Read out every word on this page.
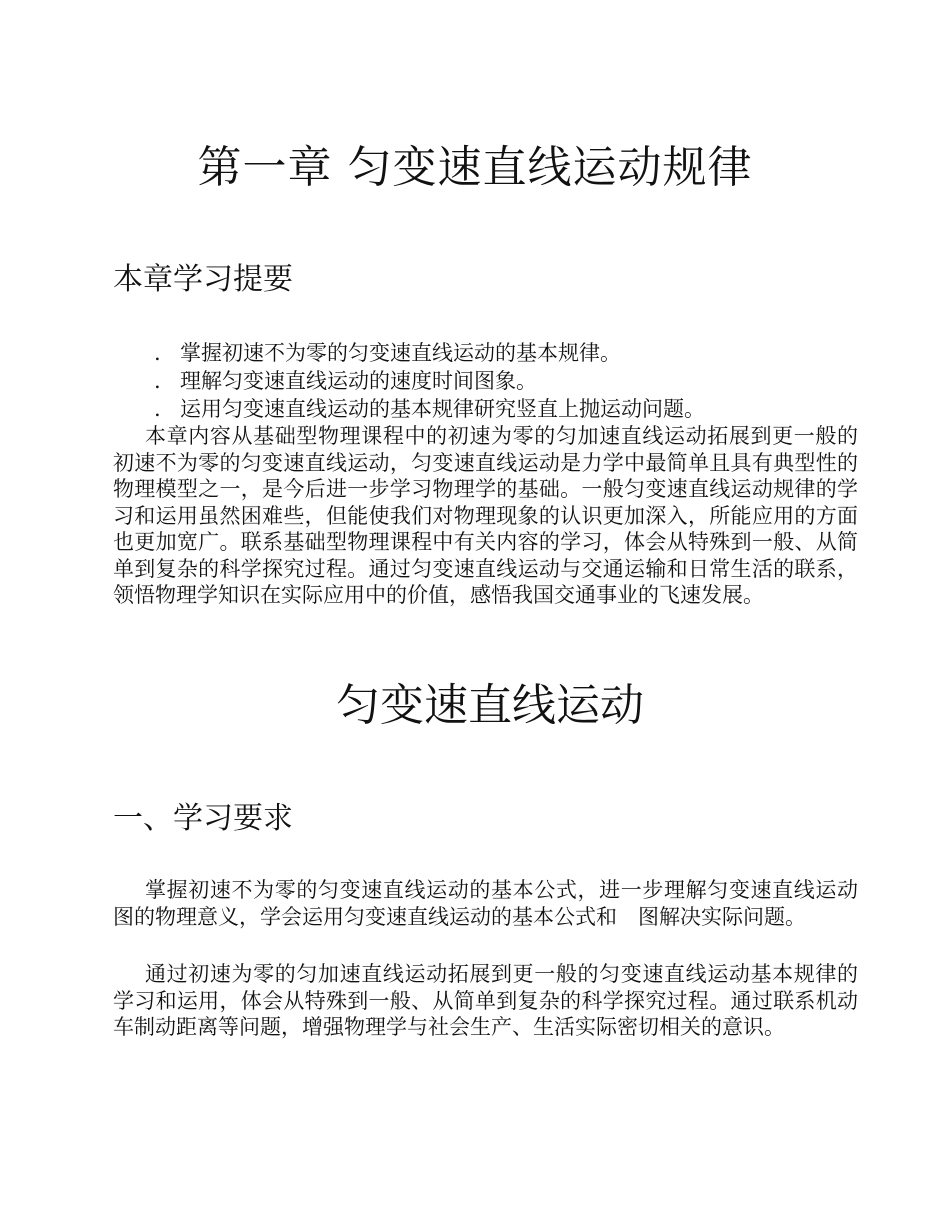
第一章 匀变速直线运动规律
本章学习提要
. 掌握初速不为零的匀变速直线运动的基本规律。
. 理解匀变速直线运动的速度时间图象。
. 运用匀变速直线运动的基本规律研究竖直上抛运动问题。

本章内容从基础型物理课程中的初速为零的匀加速直线运动拓展到更一般的初速不为零的匀变速直线运动，匀变速直线运动是力学中最简单且具有典型性的物理模型之一，是今后进一步学习物理学的基础。一般匀变速直线运动规律的学习和运用虽然困难些，但能使我们对物理现象的认识更加深入，所能应用的方面也更加宽广。联系基础型物理课程中有关内容的学习，体会从特殊到一般、从简单到复杂的科学探究过程。通过匀变速直线运动与交通运输和日常生活的联系，领悟物理学知识在实际应用中的价值，感悟我国交通事业的飞速发展。

匀变速直线运动
一、学习要求

掌握初速不为零的匀变速直线运动的基本公式，进一步理解匀变速直线运动　图的物理意义，学会运用匀变速直线运动的基本公式和　图解决实际问题。

通过初速为零的匀加速直线运动拓展到更一般的匀变速直线运动基本规律的学习和运用，体会从特殊到一般、从简单到复杂的科学探究过程。通过联系机动车制动距离等问题，增强物理学与社会生产、生活实际密切相关的意识。
